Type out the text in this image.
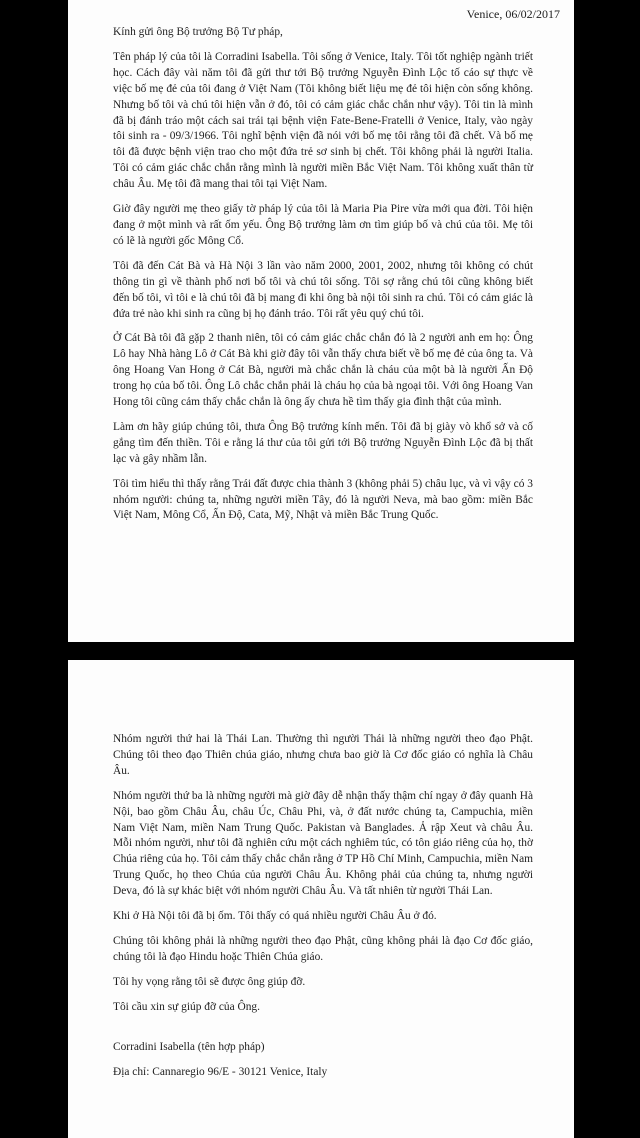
Venice, 06/02/2017

Kính gửi ông Bộ trưởng Bộ Tư pháp,

Tên pháp lý của tôi là Corradini Isabella. Tôi sống ở Venice, Italy. Tôi tốt nghiệp ngành triết học. Cách đây vài năm tôi đã gửi thư tới Bộ trưởng Nguyễn Đình Lộc tố cáo sự thực về việc bố mẹ đẻ của tôi đang ở Việt Nam (Tôi không biết liệu mẹ đẻ tôi hiện còn sống không. Nhưng bố tôi và chú tôi hiện vẫn ở đó, tôi có cảm giác chắc chắn như vậy). Tôi tin là mình đã bị đánh tráo một cách sai trái tại bệnh viện Fate-Bene-Fratelli ở Venice, Italy, vào ngày tôi sinh ra - 09/3/1966. Tôi nghĩ bệnh viện đã nói với bố mẹ tôi rằng tôi đã chết. Và bố mẹ tôi đã được bệnh viện trao cho một đứa trẻ sơ sinh bị chết. Tôi không phải là người Italia. Tôi có cảm giác chắc chắn rằng mình là người miền Bắc Việt Nam. Tôi không xuất thân từ châu Âu. Mẹ tôi đã mang thai tôi tại Việt Nam.

Giờ đây người mẹ theo giấy tờ pháp lý của tôi là Maria Pia Pire vừa mới qua đời. Tôi hiện đang ở một mình và rất ốm yếu. Ông Bộ trưởng làm ơn tìm giúp bố và chú của tôi. Mẹ tôi có lẽ là người gốc Mông Cổ.

Tôi đã đến Cát Bà và Hà Nội 3 lần vào năm 2000, 2001, 2002, nhưng tôi không có chút thông tin gì về thành phố nơi bố tôi và chú tôi sống. Tôi sợ rằng chú tôi cũng không biết đến bố tôi, vì tôi e là chú tôi đã bị mang đi khi ông bà nội tôi sinh ra chú. Tôi có cảm giác là đứa trẻ nào khi sinh ra cũng bị họ đánh tráo. Tôi rất yêu quý chú tôi.

Ở Cát Bà tôi đã gặp 2 thanh niên, tôi có cảm giác chắc chắn đó là 2 người anh em họ: Ông Lô hay Nhà hàng Lô ở Cát Bà khi giờ đây tôi vẫn thấy chưa biết về bố mẹ đẻ của ông ta. Và ông Hoang Van Hong ở Cát Bà, người mà chắc chắn là cháu của một bà là người Ấn Độ trong họ của bố tôi. Ông Lô chắc chắn phải là cháu họ của bà ngoại tôi. Với ông Hoang Van Hong tôi cũng cảm thấy chắc chắn là ông ấy chưa hề tìm thấy gia đình thật của mình.

Làm ơn hãy giúp chúng tôi, thưa Ông Bộ trưởng kính mến. Tôi đã bị giày vò khổ sở và cố gắng tìm đến thiền. Tôi e rằng lá thư của tôi gửi tới Bộ trưởng Nguyễn Đình Lộc đã bị thất lạc và gây nhầm lẫn.

Tôi tìm hiểu thì thấy rằng Trái đất được chia thành 3 (không phải 5) châu lục, và vì vậy có 3 nhóm người: chúng ta, những người miền Tây, đó là người Neva, mà bao gồm: miền Bắc Việt Nam, Mông Cổ, Ấn Độ, Cata, Mỹ, Nhật và miền Bắc Trung Quốc.

Nhóm người thứ hai là Thái Lan. Thường thì người Thái là những người theo đạo Phật. Chúng tôi theo đạo Thiên chúa giáo, nhưng chưa bao giờ là Cơ đốc giáo có nghĩa là Châu Âu.

Nhóm người thứ ba là những người mà giờ đây dễ nhận thấy thậm chí ngay ở đây quanh Hà Nội, bao gồm Châu Âu, châu Úc, Châu Phi, và, ở đất nước chúng ta, Campuchia, miền Nam Việt Nam, miền Nam Trung Quốc. Pakistan và Banglades. Ả rập Xeut và châu Âu. Mỗi nhóm người, như tôi đã nghiên cứu một cách nghiêm túc, có tôn giáo riêng của họ, thờ Chúa riêng của họ. Tôi cảm thấy chắc chắn rằng ở TP Hồ Chí Minh, Campuchia, miền Nam Trung Quốc, họ theo Chúa của người Châu Âu. Không phải của chúng ta, nhưng người Deva, đó là sự khác biệt với nhóm người Châu Âu. Và tất nhiên từ người Thái Lan.

Khi ở Hà Nội tôi đã bị ốm. Tôi thấy có quá nhiều người Châu Âu ở đó.

Chúng tôi không phải là những người theo đạo Phật, cũng không phải là đạo Cơ đốc giáo, chúng tôi là đạo Hindu hoặc Thiên Chúa giáo.

Tôi hy vọng rằng tôi sẽ được ông giúp đỡ.

Tôi cầu xin sự giúp đỡ của Ông.

Corradini Isabella (tên hợp pháp)

Địa chỉ: Cannaregio 96/E - 30121 Venice, Italy
